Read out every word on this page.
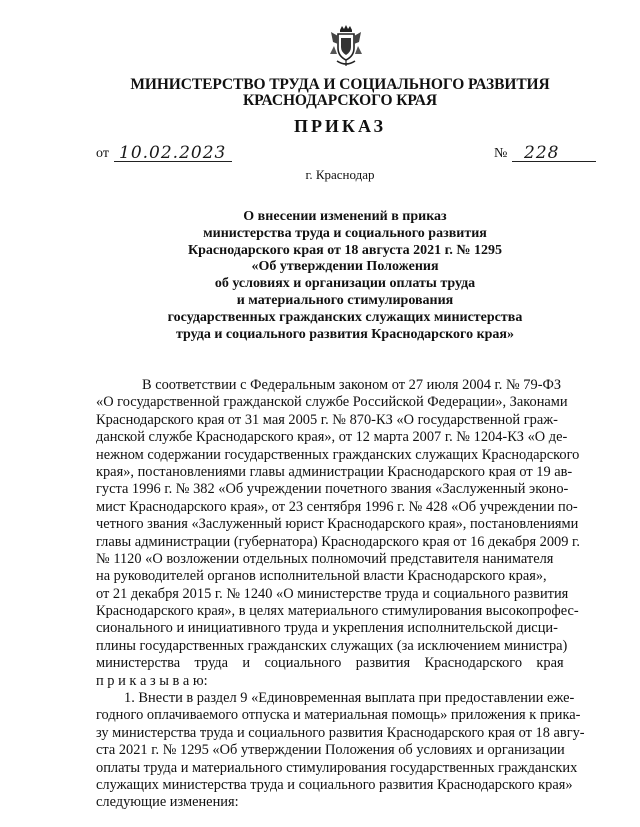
МИНИСТЕРСТВО ТРУДА И СОЦИАЛЬНОГО РАЗВИТИЯ
КРАСНОДАРСКОГО КРАЯ
ПРИКАЗ
от 10.02.2023	№ 228
г. Краснодар
О внесении изменений в приказ
министерства труда и социального развития
Краснодарского края от 18 августа 2021 г. № 1295
«Об утверждении Положения
об условиях и организации оплаты труда
и материального стимулирования
государственных гражданских служащих министерства
труда и социального развития Краснодарского края»
В соответствии с Федеральным законом от 27 июля 2004 г. № 79-ФЗ
«О государственной гражданской службе Российской Федерации», Законами
Краснодарского края от 31 мая 2005 г. № 870-КЗ «О государственной граж-
данской службе Краснодарского края», от 12 марта 2007 г. № 1204-КЗ «О де-
нежном содержании государственных гражданских служащих Краснодарского
края», постановлениями главы администрации Краснодарского края от 19 ав-
густа 1996 г. № 382 «Об учреждении почетного звания «Заслуженный эконо-
мист Краснодарского края», от 23 сентября 1996 г. № 428 «Об учреждении по-
четного звания «Заслуженный юрист Краснодарского края», постановлениями
главы администрации (губернатора) Краснодарского края от 16 декабря 2009 г.
№ 1120 «О возложении отдельных полномочий представителя нанимателя
на руководителей органов исполнительной власти Краснодарского края»,
от 21 декабря 2015 г. № 1240 «О министерстве труда и социального развития
Краснодарского края», в целях материального стимулирования высокопрофес-
сионального и инициативного труда и укрепления исполнительской дисци-
плины государственных гражданских служащих (за исключением министра)
министерства    труда    и    социального    развития    Краснодарского    края
п р и к а з ы в а ю:
1. Внести в раздел 9 «Единовременная выплата при предоставлении еже-
годного оплачиваемого отпуска и материальная помощь» приложения к прика-
зу министерства труда и социального развития Краснодарского края от 18 авгу-
ста 2021 г. № 1295 «Об утверждении Положения об условиях и организации
оплаты труда и материального стимулирования государственных гражданских
служащих министерства труда и социального развития Краснодарского края»
следующие изменения:
